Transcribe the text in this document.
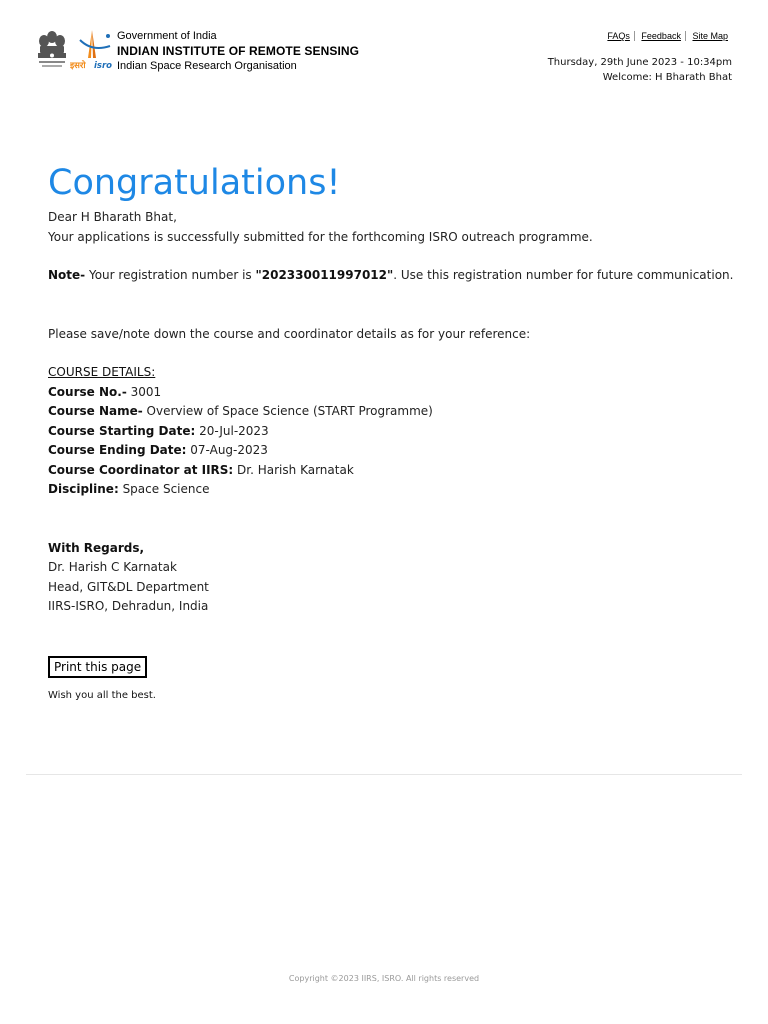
इसरो isro
Government of India
INDIAN INSTITUTE OF REMOTE SENSING
Indian Space Research Organisation
FAQs Feedback Site Map
Thursday, 29th June 2023 - 10:34pm
Welcome: H Bharath Bhat
Congratulations!

Dear H Bharath Bhat,

Your applications is successfully submitted for the forthcoming ISRO outreach programme.

Note- Your registration number is "202330011997012". Use this registration number for future communication.

Please save/note down the course and coordinator details as for your reference:

COURSE DETAILS:

Course No.- 3001

Course Name- Overview of Space Science (START Programme)

Course Starting Date: 20-Jul-2023

Course Ending Date: 07-Aug-2023

Course Coordinator at IIRS: Dr. Harish Karnatak

Discipline: Space Science

With Regards,

Dr. Harish C Karnatak

Head, GIT&DL Department

IIRS-ISRO, Dehradun, India

Print this page

Wish you all the best.

Copyright ©2023 IIRS, ISRO. All rights reserved
